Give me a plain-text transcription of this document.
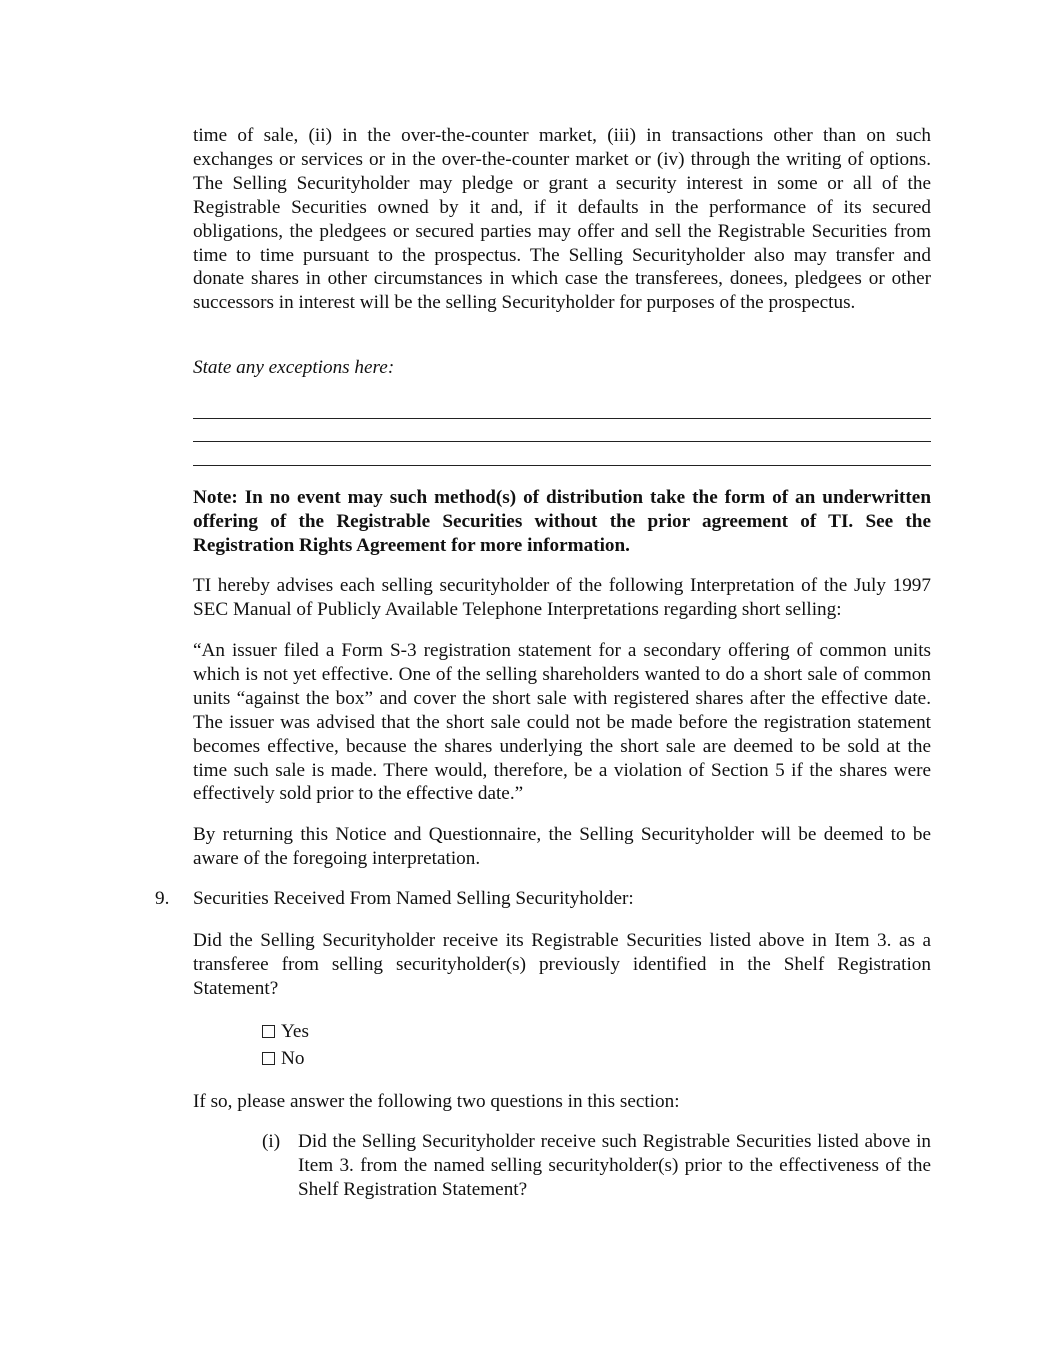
time of sale, (ii) in the over-the-counter market, (iii) in transactions other than on such exchanges or services or in the over-the-counter market or (iv) through the writing of options. The Selling Securityholder may pledge or grant a security interest in some or all of the Registrable Securities owned by it and, if it defaults in the performance of its secured obligations, the pledgees or secured parties may offer and sell the Registrable Securities from time to time pursuant to the prospectus. The Selling Securityholder also may transfer and donate shares in other circumstances in which case the transferees, donees, pledgees or other successors in interest will be the selling Securityholder for purposes of the prospectus.

State any exceptions here:

Note: In no event may such method(s) of distribution take the form of an underwritten offering of the Registrable Securities without the prior agreement of TI. See the Registration Rights Agreement for more information.

TI hereby advises each selling securityholder of the following Interpretation of the July 1997 SEC Manual of Publicly Available Telephone Interpretations regarding short selling:

“An issuer filed a Form S-3 registration statement for a secondary offering of common units which is not yet effective. One of the selling shareholders wanted to do a short sale of common units “against the box” and cover the short sale with registered shares after the effective date. The issuer was advised that the short sale could not be made before the registration statement becomes effective, because the shares underlying the short sale are deemed to be sold at the time such sale is made. There would, therefore, be a violation of Section 5 if the shares were effectively sold prior to the effective date.”

By returning this Notice and Questionnaire, the Selling Securityholder will be deemed to be aware of the foregoing interpretation.

9. Securities Received From Named Selling Securityholder:

Did the Selling Securityholder receive its Registrable Securities listed above in Item 3. as a transferee from selling securityholder(s) previously identified in the Shelf Registration Statement?

Yes
No

If so, please answer the following two questions in this section:

(i) Did the Selling Securityholder receive such Registrable Securities listed above in Item 3. from the named selling securityholder(s) prior to the effectiveness of the Shelf Registration Statement?
